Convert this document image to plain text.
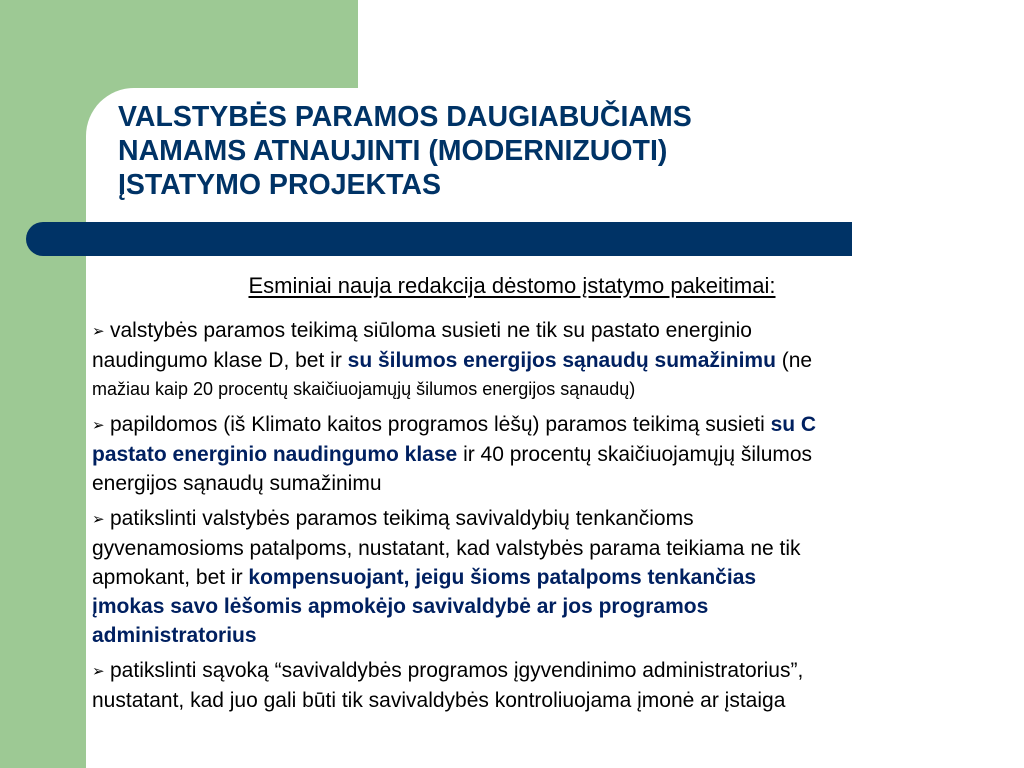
VALSTYBĖS PARAMOS DAUGIABUČIAMS
NAMAMS ATNAUJINTI (MODERNIZUOTI)
ĮSTATYMO PROJEKTAS
Esminiai nauja redakcija dėstomo įstatymo pakeitimai:
➢ valstybės paramos teikimą siūloma susieti ne tik su pastato energinio
naudingumo klase D, bet ir su šilumos energijos sąnaudų sumažinimu (ne
mažiau kaip 20 procentų skaičiuojamųjų šilumos energijos sąnaudų)
➢ papildomos (iš Klimato kaitos programos lėšų) paramos teikimą susieti su C
pastato energinio naudingumo klase ir 40 procentų skaičiuojamųjų šilumos
energijos sąnaudų sumažinimu
➢ patikslinti valstybės paramos teikimą savivaldybių tenkančioms
gyvenamosioms patalpoms, nustatant, kad valstybės parama teikiama ne tik
apmokant, bet ir kompensuojant, jeigu šioms patalpoms tenkančias
įmokas savo lėšomis apmokėjo savivaldybė ar jos programos
administratorius
➢ patikslinti sąvoką “savivaldybės programos įgyvendinimo administratorius”,
nustatant, kad juo gali būti tik savivaldybės kontroliuojama įmonė ar įstaiga
